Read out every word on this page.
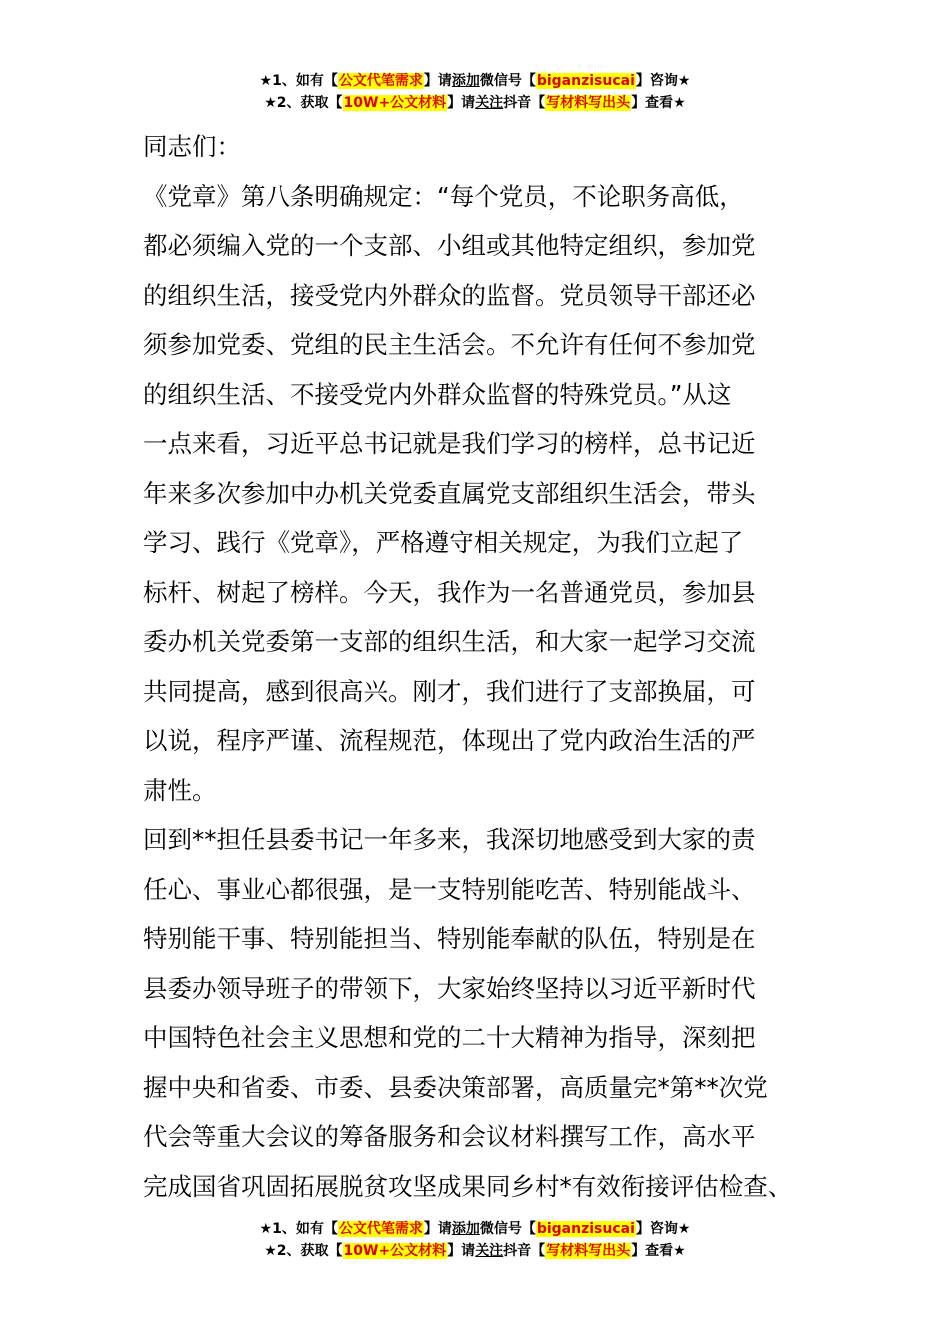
★1、如有【公文代笔需求】请添加微信号【biganzisucai】咨询★
★2、获取【10W+公文材料】请关注抖音【写材料写出头】查看★
同志们：
《党章》第八条明确规定：“每个党员，不论职务高低，
都必须编入党的一个支部、小组或其他特定组织，参加党
的组织生活，接受党内外群众的监督。党员领导干部还必
须参加党委、党组的民主生活会。不允许有任何不参加党
的组织生活、不接受党内外群众监督的特殊党员。”从这
一点来看，习近平总书记就是我们学习的榜样，总书记近
年来多次参加中办机关党委直属党支部组织生活会，带头
学习、践行《党章》，严格遵守相关规定，为我们立起了
标杆、树起了榜样。今天，我作为一名普通党员，参加县
委办机关党委第一支部的组织生活，和大家一起学习交流
共同提高，感到很高兴。刚才，我们进行了支部换届，可
以说，程序严谨、流程规范，体现出了党内政治生活的严
肃性。
回到**担任县委书记一年多来，我深切地感受到大家的责
任心、事业心都很强，是一支特别能吃苦、特别能战斗、
特别能干事、特别能担当、特别能奉献的队伍，特别是在
县委办领导班子的带领下，大家始终坚持以习近平新时代
中国特色社会主义思想和党的二十大精神为指导，深刻把
握中央和省委、市委、县委决策部署，高质量完*第**次党
代会等重大会议的筹备服务和会议材料撰写工作，高水平
完成国省巩固拓展脱贫攻坚成果同乡村*有效衔接评估检查、
★1、如有【公文代笔需求】请添加微信号【biganzisucai】咨询★
★2、获取【10W+公文材料】请关注抖音【写材料写出头】查看★
